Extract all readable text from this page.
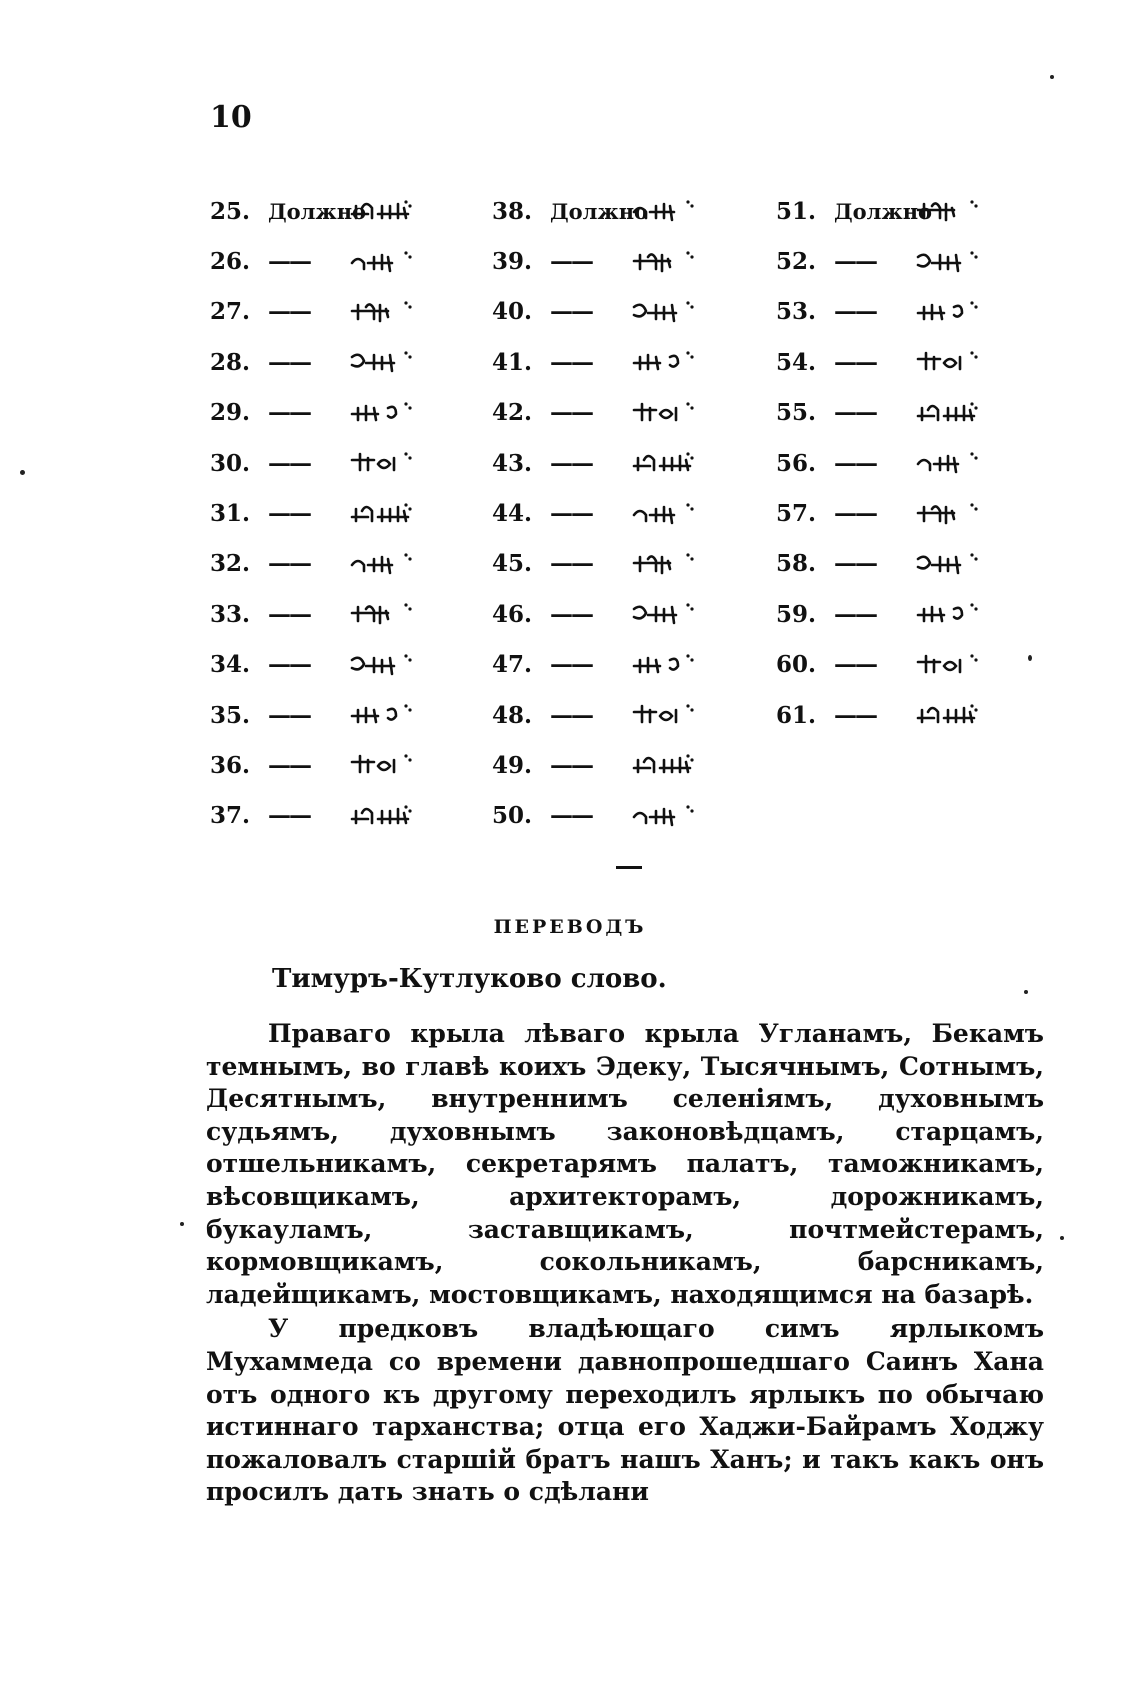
10
25. Должно
26. ——
27. ——
28. ——
29. ——
30. ——
31. ——
32. ——
33. ——
34. ——
35. ——
36. ——
37. ——
38. Должно
39. ——
40. ——
41. ——
42. ——
43. ——
44. ——
45. ——
46. ——
47. ——
48. ——
49. ——
50. ——
51. Должно
52. ——
53. ——
54. ——
55. ——
56. ——
57. ——
58. ——
59. ——
60. ——
61. ——
ПЕРЕВОДЪ
Тимуръ-Кутлуково слово.

Праваго крыла лѣваго крыла Угланамъ, Бекамъ темнымъ, во главѣ коихъ Эдеку, Тысячнымъ, Сотнымъ, Десятнымъ, внутреннимъ селеніямъ, духовнымъ судьямъ, духовнымъ законовѣдцамъ, старцамъ, отшельникамъ, секретарямъ палатъ, таможникамъ, вѣсовщикамъ, архитекторамъ, дорожникамъ, букауламъ, заставщикамъ, почтмейстерамъ, кормовщикамъ, сокольникамъ, барсникамъ, ладейщикамъ, мостовщикамъ, находящимся на базарѣ.

У предковъ владѣющаго симъ ярлыкомъ Мухаммеда со времени давнопрошедшаго Саинъ Хана отъ одного къ другому переходилъ ярлыкъ по обычаю истиннаго тарханства; отца его Хаджи-Байрамъ Ходжу пожаловалъ старшій братъ нашъ Ханъ; и такъ какъ онъ просилъ дать знать о сдѣлани
